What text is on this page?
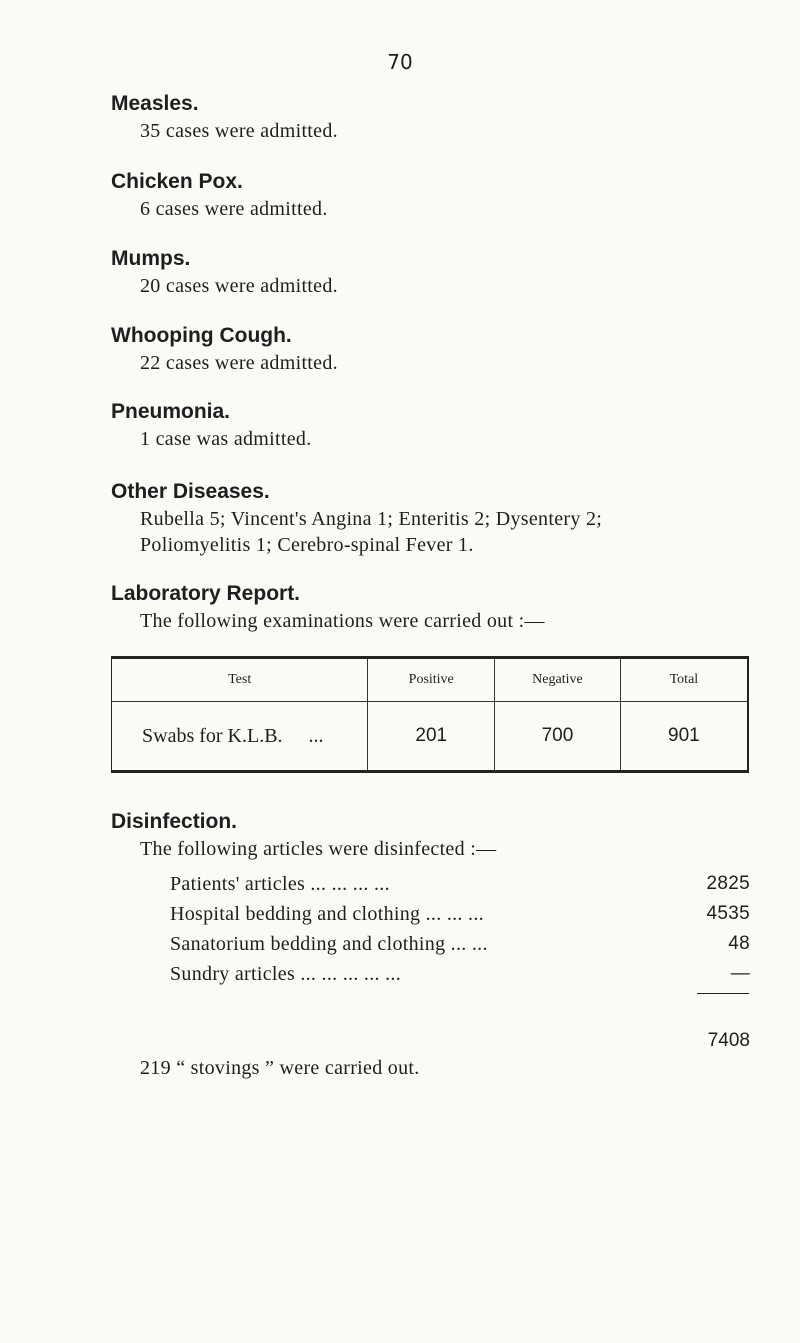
70
Measles.

35 cases were admitted.

Chicken Pox.

6 cases were admitted.

Mumps.

20 cases were admitted.

Whooping Cough.

22 cases were admitted.

Pneumonia.

1 case was admitted.

Other Diseases.

Rubella 5; Vincent's Angina 1; Enteritis 2; Dysentery 2;

Poliomyelitis 1; Cerebro-spinal Fever 1.

Laboratory Report.

The following examinations were carried out :—

Test	Positive	Negative	Total
Swabs for K.L.B. ...	201	700	901
Disinfection.

The following articles were disinfected :—

Patients' articles ... ... ... ...	2825
Hospital bedding and clothing ... ... ...	4535
Sanatorium bedding and clothing ... ...	48
Sundry articles ... ... ... ... ...	—
7408
219 “ stovings ” were carried out.
